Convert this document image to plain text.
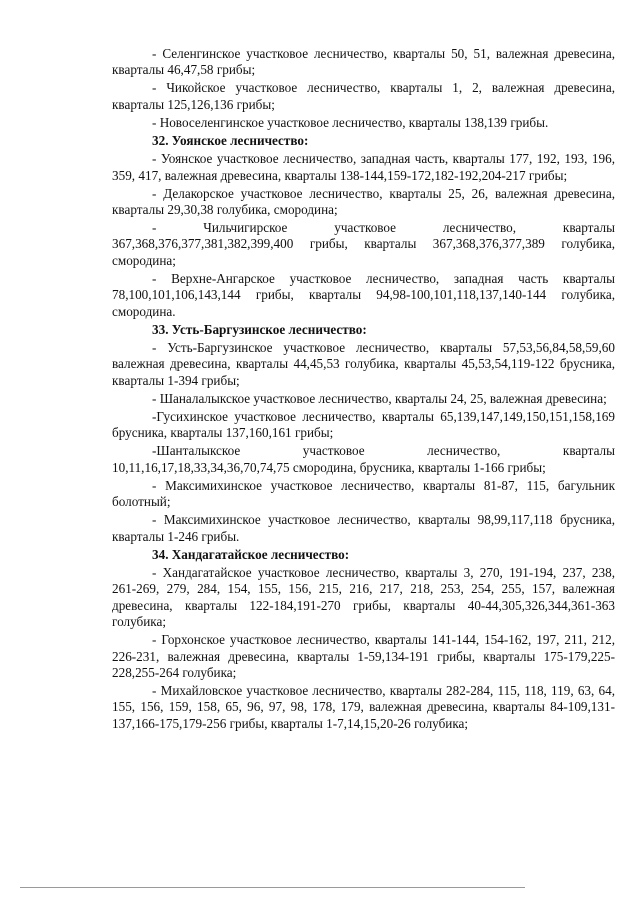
- Селенгинское участковое лесничество, кварталы 50, 51, валежная древесина, кварталы 46,47,58 грибы;

- Чикойское участковое лесничество, кварталы 1, 2, валежная древесина, кварталы 125,126,136 грибы;

- Новоселенгинское участковое лесничество, кварталы 138,139 грибы.

32. Уоянское лесничество:

- Уоянское участковое лесничество, западная часть, кварталы 177, 192, 193, 196, 359, 417, валежная древесина, кварталы 138-144,159-172,182-192,204-217 грибы;

- Делакорское участковое лесничество, кварталы 25, 26, валежная древесина, кварталы 29,30,38 голубика, смородина;

- Чильчигирское участковое лесничество, кварталы 367,368,376,377,381,382,399,400 грибы, кварталы 367,368,376,377,389 голубика, смородина;

- Верхне-Ангарское участковое лесничество, западная часть кварталы 78,100,101,106,143,144 грибы, кварталы 94,98-100,101,118,137,140-144 голубика, смородина.

33. Усть-Баргузинское лесничество:

- Усть-Баргузинское участковое лесничество, кварталы 57,53,56,84,58,59,60 валежная древесина, кварталы 44,45,53 голубика, кварталы 45,53,54,119-122 брусника, кварталы 1-394 грибы;

- Шаналалыкское участковое лесничество, кварталы 24, 25, валежная древесина;

-Гусихинское участковое лесничество, кварталы 65,139,147,149,150,151,158,169 брусника, кварталы 137,160,161 грибы;

-Шанталыкское участковое лесничество, кварталы 10,11,16,17,18,33,34,36,70,74,75 смородина, брусника, кварталы 1-166 грибы;

- Максимихинское участковое лесничество, кварталы 81-87, 115, багульник болотный;

- Максимихинское участковое лесничество, кварталы 98,99,117,118 брусника, кварталы 1-246 грибы.

34. Хандагатайское лесничество:

- Хандагатайское участковое лесничество, кварталы 3, 270, 191-194, 237, 238, 261-269, 279, 284, 154, 155, 156, 215, 216, 217, 218, 253, 254, 255, 157, валежная древесина, кварталы 122-184,191-270 грибы, кварталы 40-44,305,326,344,361-363 голубика;

- Горхонское участковое лесничество, кварталы 141-144, 154-162, 197, 211, 212, 226-231, валежная древесина, кварталы 1-59,134-191 грибы, кварталы 175-179,225-228,255-264 голубика;

- Михайловское участковое лесничество, кварталы 282-284, 115, 118, 119, 63, 64, 155, 156, 159, 158, 65, 96, 97, 98, 178, 179, валежная древесина, кварталы 84-109,131-137,166-175,179-256 грибы, кварталы 1-7,14,15,20-26 голубика;
